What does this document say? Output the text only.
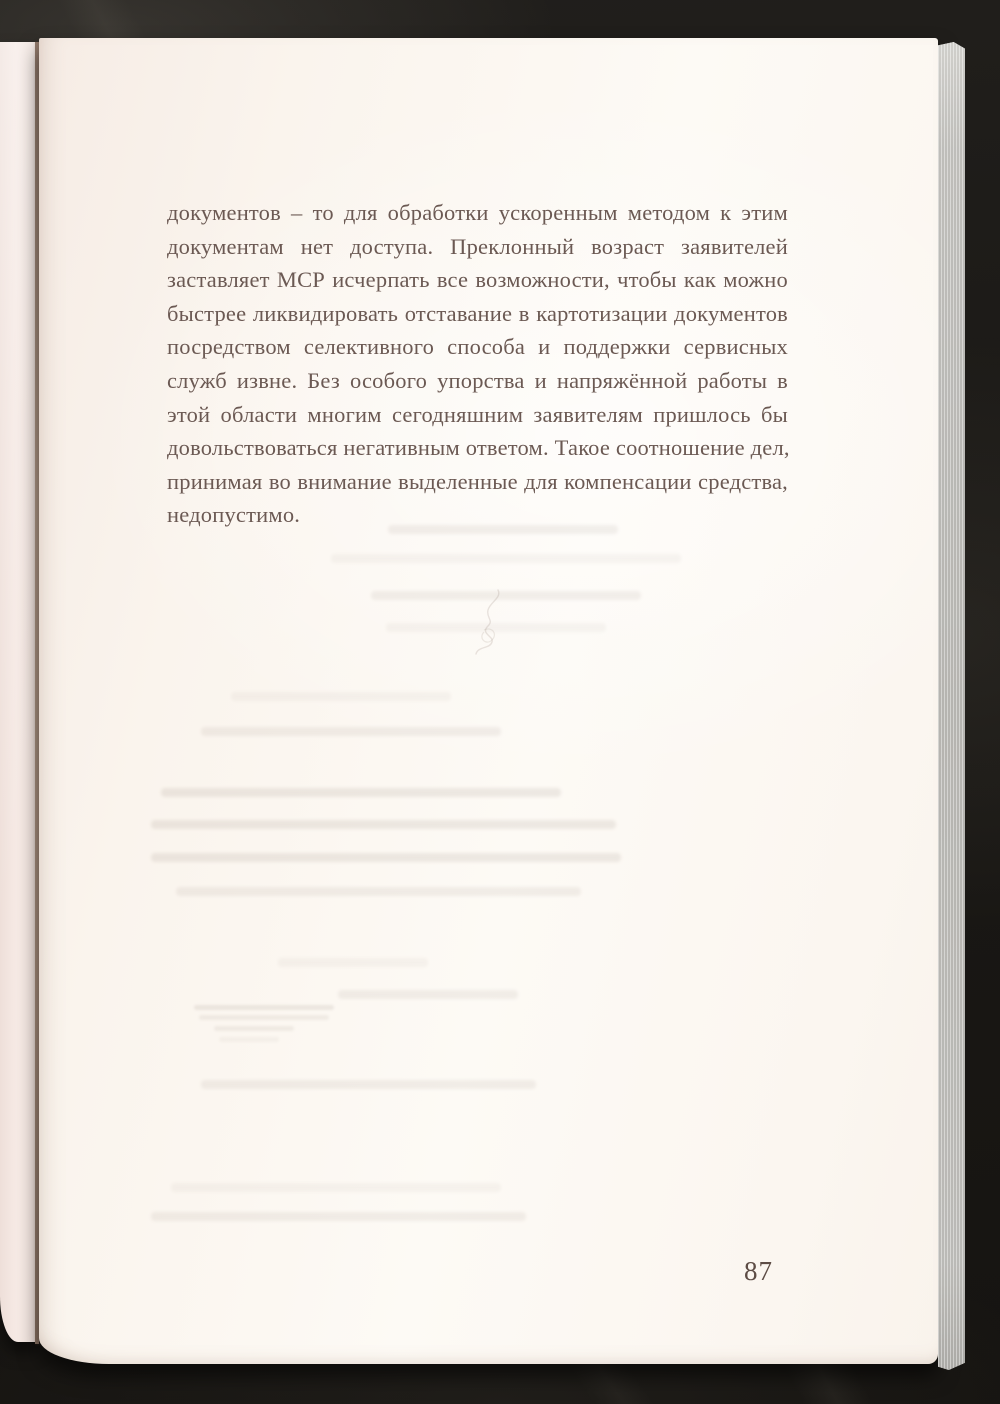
документов – то для обработки ускоренным методом к этим
документам нет доступа. Преклонный возраст заявителей
заставляет МСР исчерпать все возможности, чтобы как можно
быстрее ликвидировать отставание в картотизации документов
посредством селективного способа и поддержки сервисных
служб извне. Без особого упорства и напряжённой работы в
этой области многим сегодняшним заявителям пришлось бы
довольствоваться негативным ответом. Такое соотношение дел,
принимая во внимание выделенные для компенсации средства,
недопустимо.
87
